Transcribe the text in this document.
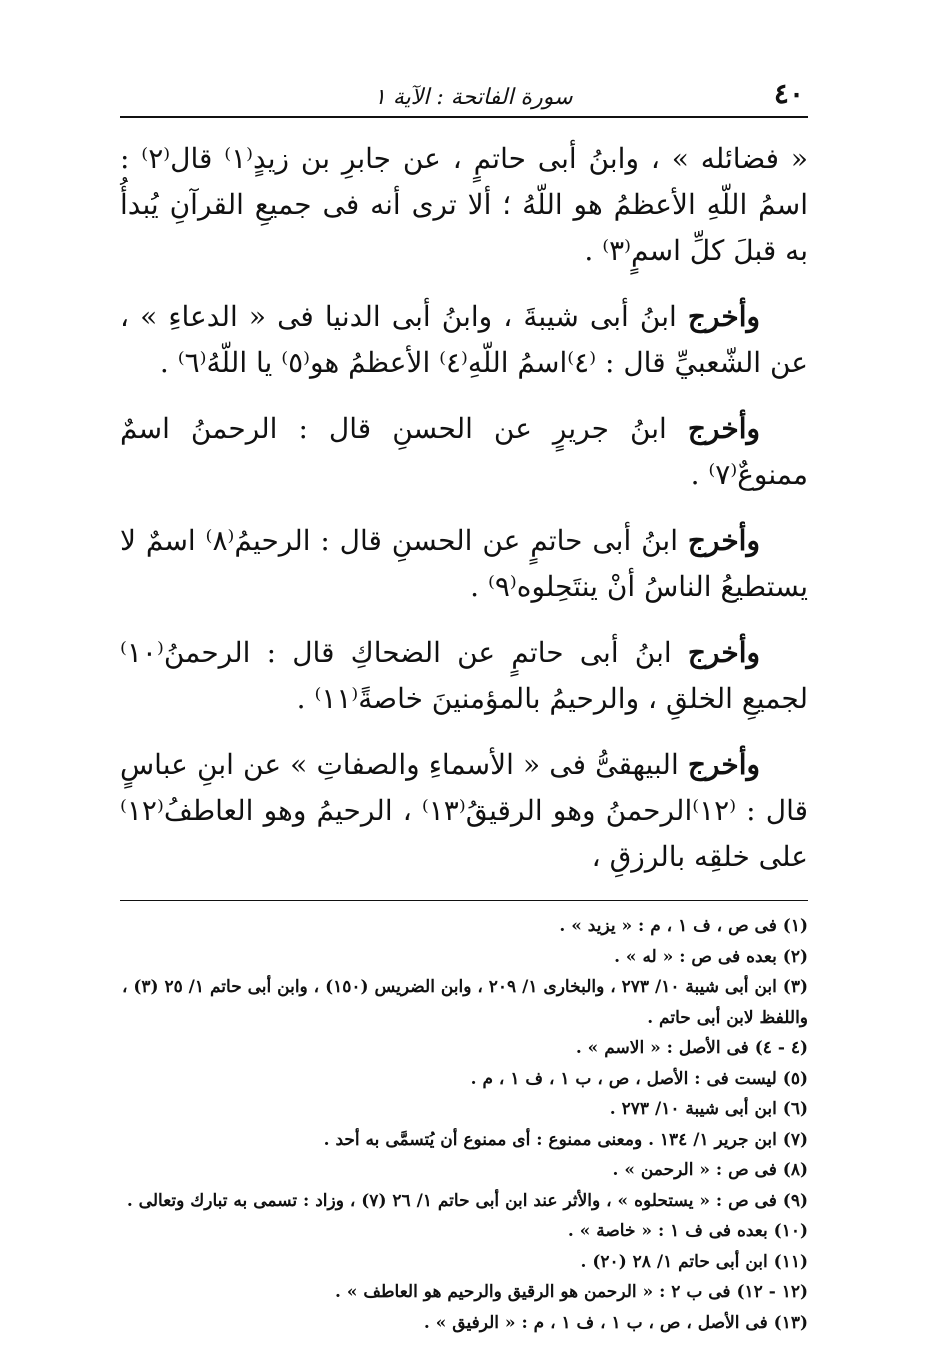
٤٠
سورة الفاتحة : الآية ١

« فضائله » ، وابنُ أبى حاتمٍ ، عن جابرِ بن زيدٍ⁽١⁾ قال⁽٢⁾ : اسمُ اللّهِ الأعظمُ هو اللّهُ ؛ ألا ترى أنه فى جميعِ القرآنِ يُبدأُ به قبلَ كلِّ اسمٍ⁽٣⁾ .

وأخرج ابنُ أبى شيبةَ ، وابنُ أبى الدنيا فى « الدعاءِ » ، عن الشّعبيِّ قال : ⁽٤⁾اسمُ اللّهِ⁽٤⁾ الأعظمُ هو⁽٥⁾ يا اللّهُ⁽٦⁾ .

وأخرج ابنُ جريرٍ عن الحسنِ قال : الرحمنُ اسمٌ ممنوعٌ⁽٧⁾ .

وأخرج ابنُ أبى حاتمٍ عن الحسنِ قال : الرحيمُ⁽٨⁾ اسمٌ لا يستطيعُ الناسُ أنْ ينتَحِلوه⁽٩⁾ .

وأخرج ابنُ أبى حاتمٍ عن الضحاكِ قال : الرحمنُ⁽١٠⁾ لجميعِ الخلقِ ، والرحيمُ بالمؤمنينَ خاصةً⁽١١⁾ .

وأخرج البيهقىُّ فى « الأسماءِ والصفاتِ » عن ابنِ عباسٍ قال : ⁽١٢⁾الرحمنُ وهو الرقيقُ⁽١٣⁾ ، الرحيمُ وهو العاطفُ⁽١٢⁾ على خلقِه بالرزقِ ،

(١) فى ص ، ف ١ ، م : « يزيد » .

(٢) بعده فى ص : « له » .

(٣) ابن أبى شيبة ١٠/ ٢٧٣ ، والبخارى ١/ ٢٠٩ ، وابن الضريس (١٥٠) ، وابن أبى حاتم ١/ ٢٥ (٣) ، واللفظ لابن أبى حاتم .

(٤ - ٤) فى الأصل : « الاسم » .

(٥) ليست فى : الأصل ، ص ، ب ١ ، ف ١ ، م .

(٦) ابن أبى شيبة ١٠/ ٢٧٣ .

(٧) ابن جرير ١/ ١٣٤ . ومعنى ممنوع : أى ممنوع أن يُتسمَّى به أحد .

(٨) فى ص : « الرحمن » .

(٩) فى ص : « يستحلوه » ، والأثر عند ابن أبى حاتم ١/ ٢٦ (٧) ، وزاد : تسمى به تبارك وتعالى .

(١٠) بعده فى ف ١ : « خاصة » .

(١١) ابن أبى حاتم ١/ ٢٨ (٢٠) .

(١٢ - ١٢) فى ب ٢ : « الرحمن هو الرقيق والرحيم هو العاطف » .

(١٣) فى الأصل ، ص ، ب ١ ، ف ١ ، م : « الرفيق » .
